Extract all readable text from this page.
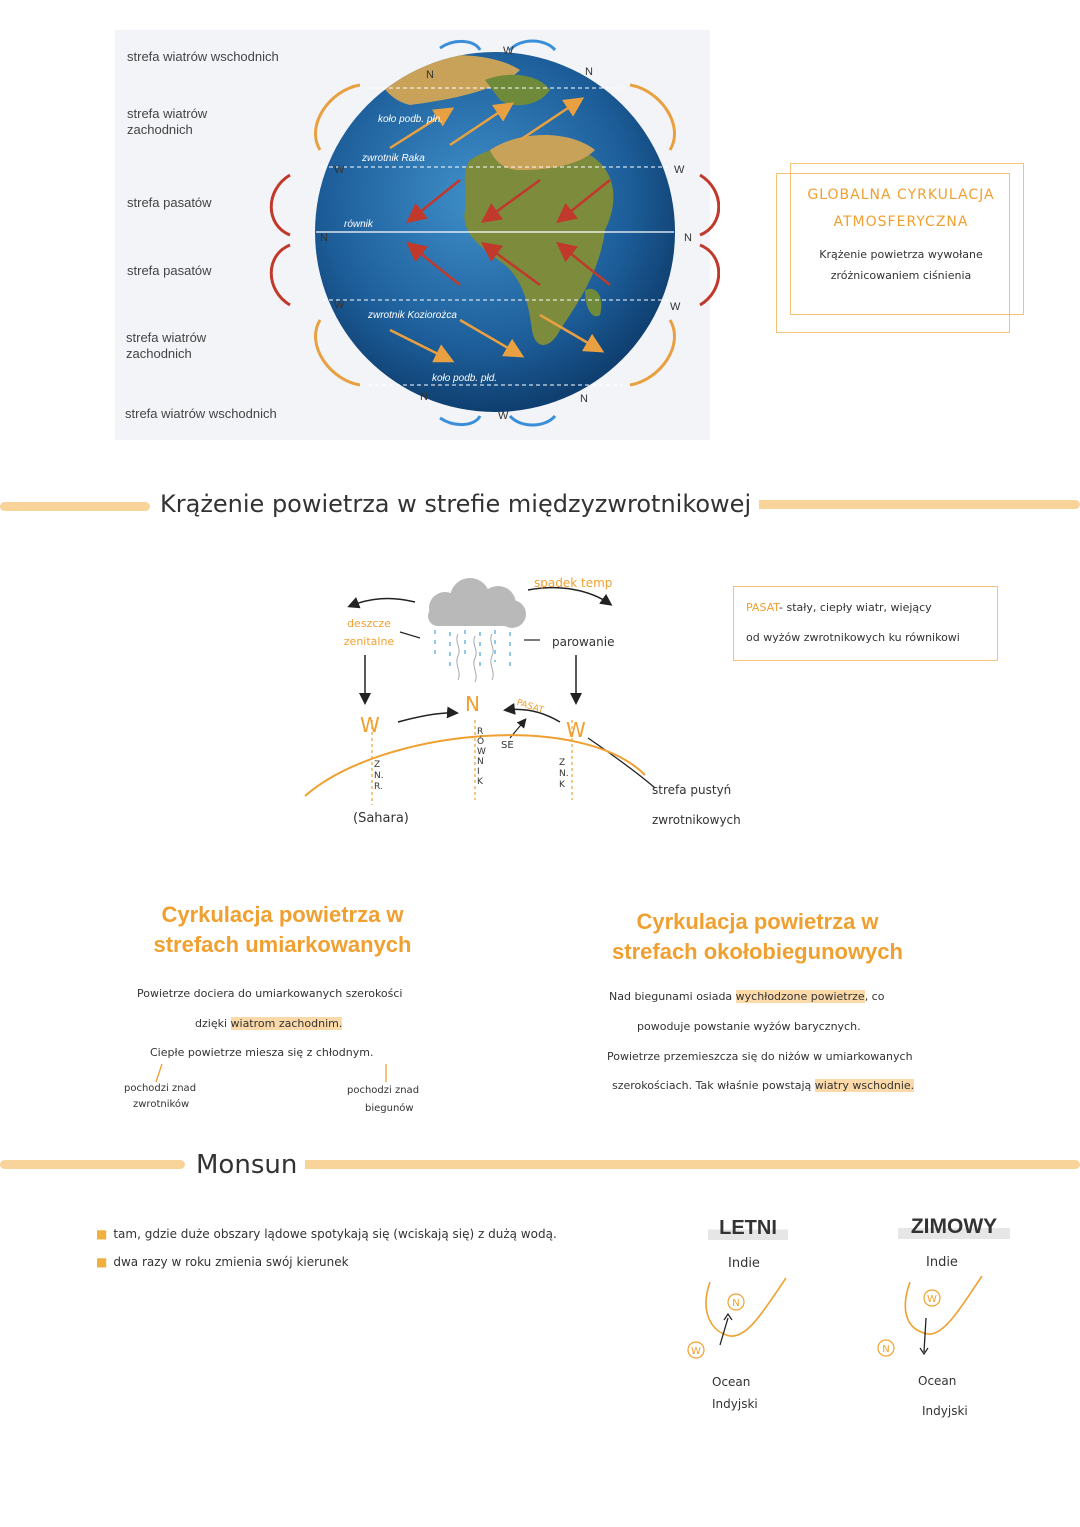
strefa wiatrów wschodnich
strefa wiatrów
zachodnich
strefa pasatów
strefa pasatów
strefa wiatrów
zachodnich
strefa wiatrów wschodnich
koło podb. płn.
zwrotnik Raka
równik
zwrotnik Koziorożca
koło podb. płd.
N	N
W
W
N
W
W
N
W
N	N
W
GLOBALNA CYRKULACJA
ATMOSFERYCZNA
Krążenie powietrza wywołane
zróżnicowaniem ciśnienia
Krążenie powietrza w strefie międzyzwrotnikowej
spadek temp
deszcze
zenitalne	parowanie
N
W	W
PASAT
SE
Z N. R.
R Ó W N I K
Z N. K
(Sahara)
strefa pustyń
zwrotnikowych
PASAT- stały, ciepły wiatr, wiejący
od wyżów zwrotnikowych ku równikowi
Cyrkulacja powietrza w
strefach umiarkowanych
Powietrze dociera do umiarkowanych szerokości
dzięki wiatrom zachodnim.
Ciepłe powietrze miesza się z chłodnym.
pochodzi znad
zwrotników
pochodzi znad
biegunów
Cyrkulacja powietrza w
strefach okołobiegunowych
Nad biegunami osiada wychłodzone powietrze, co
powoduje powstanie wyżów barycznych.
Powietrze przemieszcza się do niżów w umiarkowanych
szerokościach. Tak właśnie powstają wiatry wschodnie.
Monsun
■ tam, gdzie duże obszary lądowe spotykają się (wciskają się) z dużą wodą.
■ dwa razy w roku zmienia swój kierunek
LETNI
Indie
N
W
Ocean
Indyjski
ZIMOWY
Indie
W
N
Ocean
Indyjski
